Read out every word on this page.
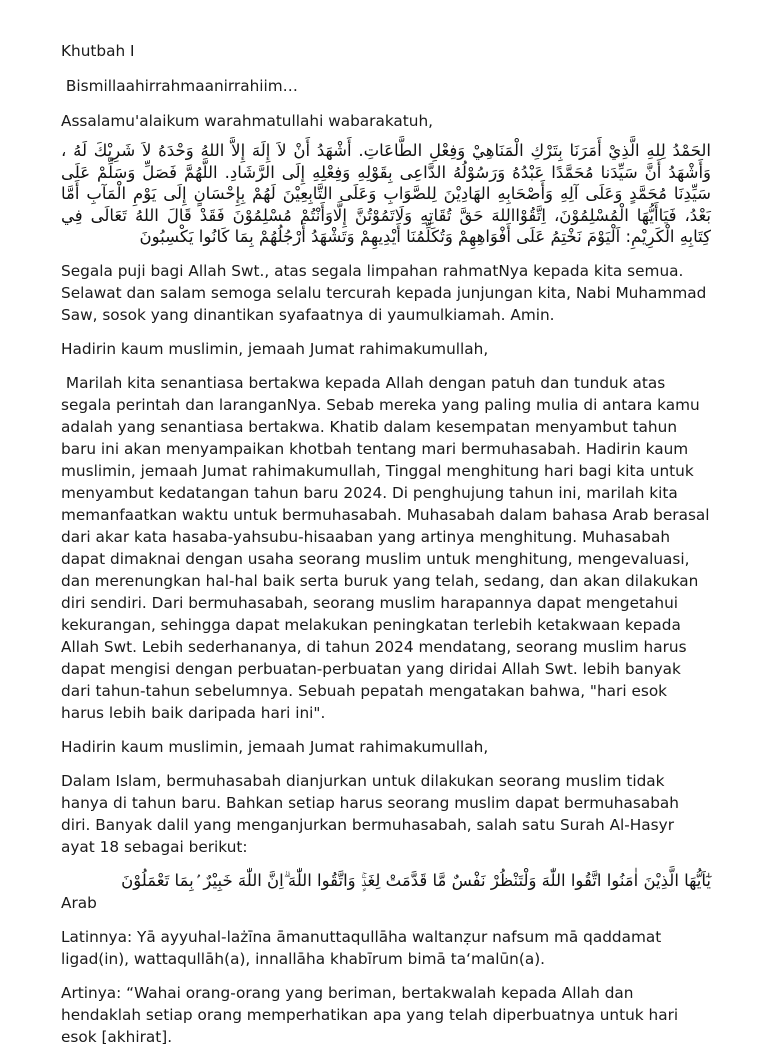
Khutbah I

Bismillaahirrahmaanirrahiim…

Assalamu'alaikum warahmatullahi wabarakatuh,

الحَمْدُ لِلهِ الَّذِيْ أَمَرَنَا بِتَرْكِ الْمَنَاهِيْ وَفِعْلِ الطَّاعَاتِ. أَشْهَدُ أَنْ لاَ إِلَهَ إِلاَّ اللهُ وَحْدَهُ لاَ شَرِيْكَ لَهُ ، وَأَشْهَدُ أَنَّ سَيِّدَنا مُحَمَّدًا عَبْدُهُ وَرَسُوْلُهُ الدَّاعِى بِقَوْلِهِ وَفِعْلِهِ إِلَى الرَّشَادِ. اللَّهُمَّ فَصَلِّ وَسَلِّمْ عَلَى سَيِّدِنَا مُحَمَّدٍ وَعَلَى آلِهِ وَأَصْحَابِهِ الهَادِيْنَ لِلصَّوَابِ وَعَلَى التَّابِعِيْنَ لَهُمْ بِإِحْسَانٍ إِلَى يَوْمِ الْمَآبِ أَمَّا بَعْدُ، فَيَاأَيُّهَا الْمُسْلِمُوْنَ، اِتَّقُوْااللهَ حَقَّ تُقَاتِهِ وَلَاتَمُوْتُنَّ إِلَّاوَأَنْتُمْ مُسْلِمُوْنَ فَقَدْ قَالَ اللهُ تَعَالَى فِي كِتَابِهِ الْكَرِيْمِ: اَلْيَوْمَ نَخْتِمُ عَلَى أَفْوَاهِهِمْ وَتُكَلِّمُنَا أَيْدِيهِمْ وَتَشْهَدُ أَرْجُلُهُمْ بِمَا كَانُوا يَكْسِبُونَ

Segala puji bagi Allah Swt., atas segala limpahan rahmatNya kepada kita semua. Selawat dan salam semoga selalu tercurah kepada junjungan kita, Nabi Muhammad Saw, sosok yang dinantikan syafaatnya di yaumulkiamah. Amin.

Hadirin kaum muslimin, jemaah Jumat rahimakumullah,

Marilah kita senantiasa bertakwa kepada Allah dengan patuh dan tunduk atas segala perintah dan laranganNya. Sebab mereka yang paling mulia di antara kamu adalah yang senantiasa bertakwa. Khatib dalam kesempatan menyambut tahun baru ini akan menyampaikan khotbah tentang mari bermuhasabah. Hadirin kaum muslimin, jemaah Jumat rahimakumullah, Tinggal menghitung hari bagi kita untuk menyambut kedatangan tahun baru 2024. Di penghujung tahun ini, marilah kita memanfaatkan waktu untuk bermuhasabah. Muhasabah dalam bahasa Arab berasal dari akar kata hasaba-yahsubu-hisaaban yang artinya menghitung. Muhasabah dapat dimaknai dengan usaha seorang muslim untuk menghitung, mengevaluasi, dan merenungkan hal-hal baik serta buruk yang telah, sedang, dan akan dilakukan diri sendiri. Dari bermuhasabah, seorang muslim harapannya dapat mengetahui kekurangan, sehingga dapat melakukan peningkatan terlebih ketakwaan kepada Allah Swt. Lebih sederhananya, di tahun 2024 mendatang, seorang muslim harus dapat mengisi dengan perbuatan-perbuatan yang diridai Allah Swt. lebih banyak dari tahun-tahun sebelumnya. Sebuah pepatah mengatakan bahwa, "hari esok harus lebih baik daripada hari ini".

Hadirin kaum muslimin, jemaah Jumat rahimakumullah,

Dalam Islam, bermuhasabah dianjurkan untuk dilakukan seorang muslim tidak hanya di tahun baru. Bahkan setiap harus seorang muslim dapat bermuhasabah diri. Banyak dalil yang menganjurkan bermuhasabah, salah satu Surah Al-Hasyr ayat 18 sebagai berikut:

يٰٓاَيُّهَا الَّذِيْنَ اٰمَنُوا اتَّقُوا اللّٰهَ وَلْتَنْظُرْ نَفْسٌ مَّا قَدَّمَتْ لِغَدٍۚ وَاتَّقُوا اللّٰهَ ۗاِنَّ اللّٰهَ خَبِيْرٌ ۢبِمَا تَعْمَلُوْنَ

Arab

Latinnya: Yā ayyuhal-lażīna āmanuttaqullāha waltanẓur nafsum mā qaddamat ligad(in), wattaqullāh(a), innallāha khabīrum bimā ta‘malūn(a).

Artinya: “Wahai orang-orang yang beriman, bertakwalah kepada Allah dan hendaklah setiap orang memperhatikan apa yang telah diperbuatnya untuk hari esok [akhirat].
